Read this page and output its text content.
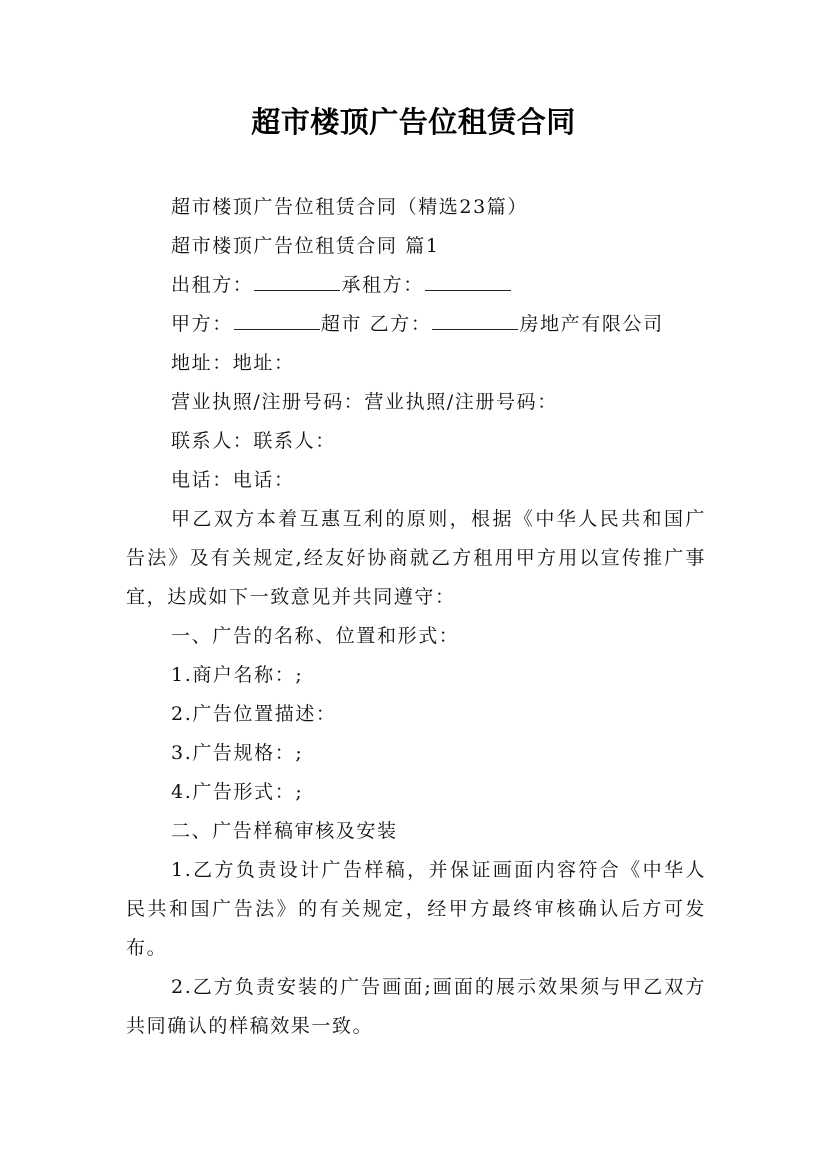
超市楼顶广告位租赁合同

超市楼顶广告位租赁合同（精选23篇）

超市楼顶广告位租赁合同 篇1

出租方：	承租方：

甲方：	超市 乙方：	房地产有限公司

地址：地址：

营业执照/注册号码：营业执照/注册号码：

联系人：联系人：

电话：电话：

甲乙双方本着互惠互利的原则，根据《中华人民共和国广告法》及有关规定,经友好协商就乙方租用甲方用以宣传推广事宜，达成如下一致意见并共同遵守：

一、广告的名称、位置和形式：

1.商户名称：;

2.广告位置描述：

3.广告规格：;

4.广告形式：;

二、广告样稿审核及安装

1.乙方负责设计广告样稿，并保证画面内容符合《中华人民共和国广告法》的有关规定，经甲方最终审核确认后方可发布。

2.乙方负责安装的广告画面;画面的展示效果须与甲乙双方共同确认的样稿效果一致。
